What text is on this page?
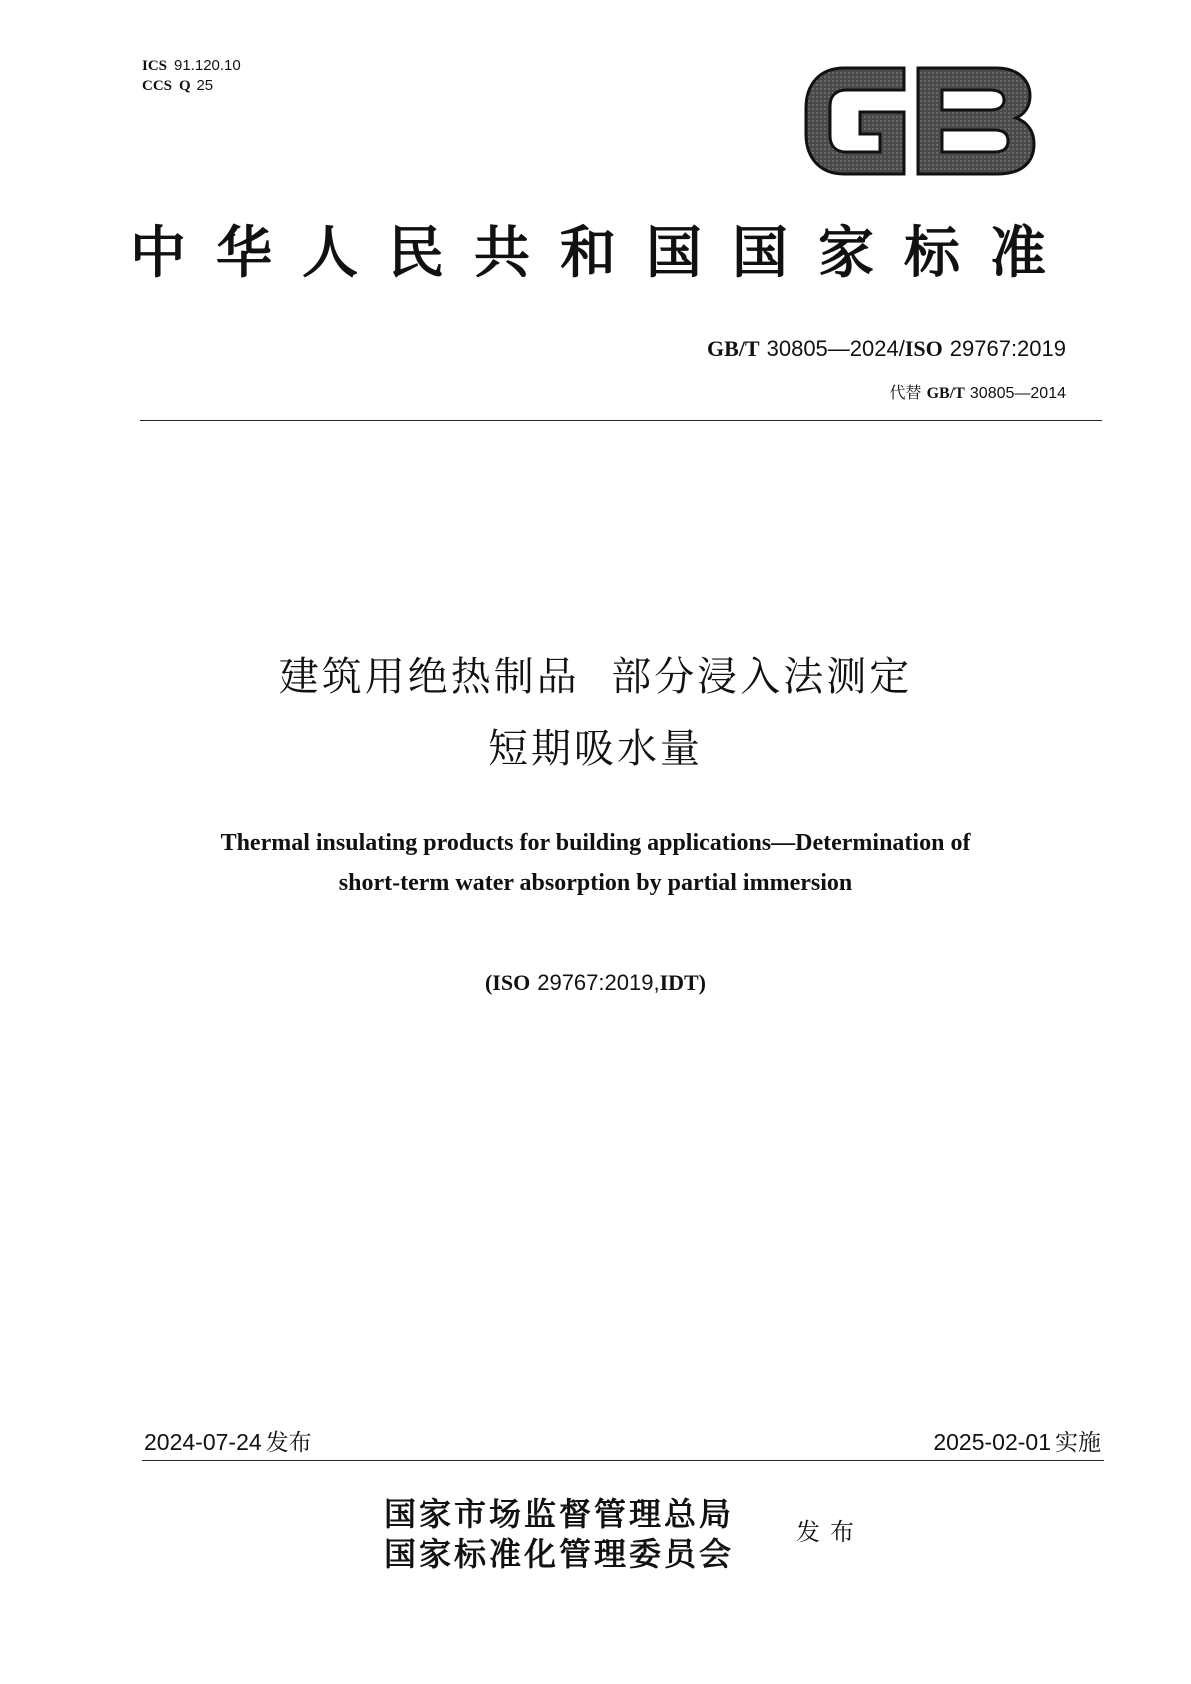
ICS 91.120.10
CCS Q 25
中华人民共和国国家标准
GB/T 30805—2024/ISO 29767:2019
代替 GB/T 30805—2014
建筑用绝热制品  部分浸入法测定
短期吸水量
Thermal insulating products for building applications—Determination of
short-term water absorption by partial immersion
(ISO 29767:2019,IDT)
2024-07-24 发布	2025-02-01 实施
国家市场监督管理总局
国家标准化管理委员会
发布
